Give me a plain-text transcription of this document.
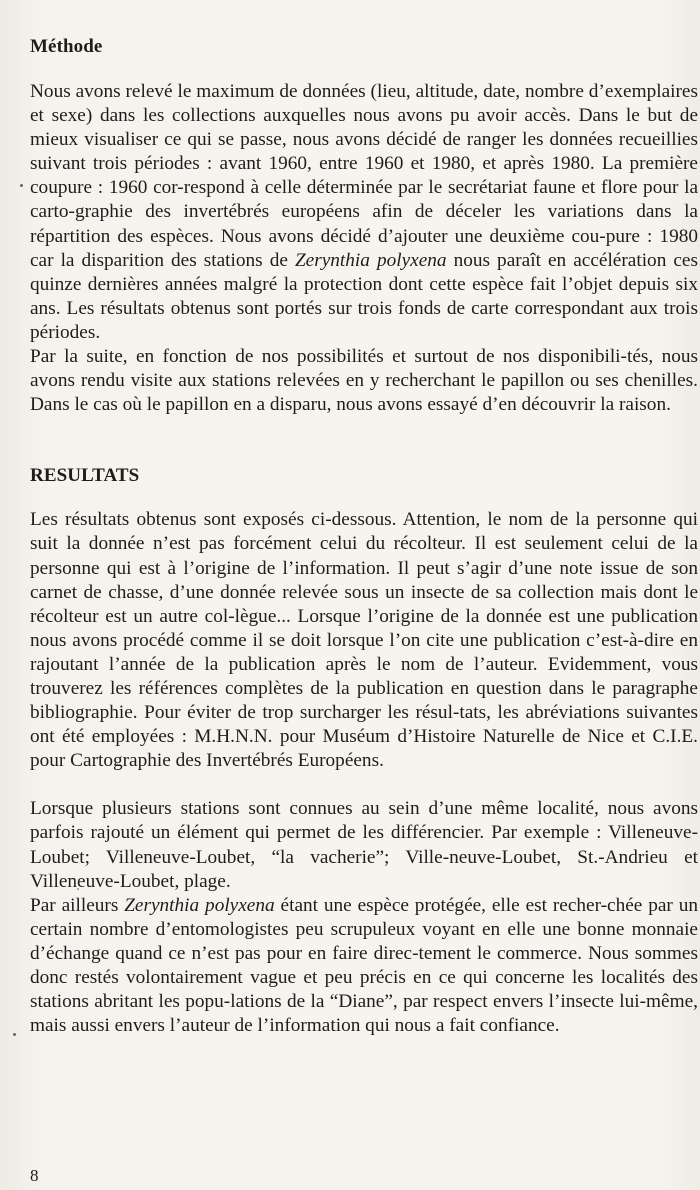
Méthode

Nous avons relevé le maximum de données (lieu, altitude, date, nombre d’exemplaires et sexe) dans les collections auxquelles nous avons pu avoir accès. Dans le but de mieux visualiser ce qui se passe, nous avons décidé de ranger les données recueillies suivant trois périodes : avant 1960, entre 1960 et 1980, et après 1980. La première coupure : 1960 cor-respond à celle déterminée par le secrétariat faune et flore pour la carto-graphie des invertébrés européens afin de déceler les variations dans la répartition des espèces. Nous avons décidé d’ajouter une deuxième cou-pure : 1980 car la disparition des stations de Zerynthia polyxena nous paraît en accélération ces quinze dernières années malgré la protection dont cette espèce fait l’objet depuis six ans. Les résultats obtenus sont portés sur trois fonds de carte correspondant aux trois périodes.

Par la suite, en fonction de nos possibilités et surtout de nos disponibili-tés, nous avons rendu visite aux stations relevées en y recherchant le papillon ou ses chenilles. Dans le cas où le papillon en a disparu, nous avons essayé d’en découvrir la raison.

RESULTATS

Les résultats obtenus sont exposés ci-dessous. Attention, le nom de la personne qui suit la donnée n’est pas forcément celui du récolteur. Il est seulement celui de la personne qui est à l’origine de l’information. Il peut s’agir d’une note issue de son carnet de chasse, d’une donnée relevée sous un insecte de sa collection mais dont le récolteur est un autre col-lègue... Lorsque l’origine de la donnée est une publication nous avons procédé comme il se doit lorsque l’on cite une publication c’est-à-dire en rajoutant l’année de la publication après le nom de l’auteur. Evidemment, vous trouverez les références complètes de la publication en question dans le paragraphe bibliographie. Pour éviter de trop surcharger les résul-tats, les abréviations suivantes ont été employées : M.H.N.N. pour Muséum d’Histoire Naturelle de Nice et C.I.E. pour Cartographie des Invertébrés Européens.

Lorsque plusieurs stations sont connues au sein d’une même localité, nous avons parfois rajouté un élément qui permet de les différencier. Par exemple : Villeneuve-Loubet; Villeneuve-Loubet, “la vacherie”; Ville-neuve-Loubet, St.-Andrieu et Villeneuve-Loubet, plage.

Par ailleurs Zerynthia polyxena étant une espèce protégée, elle est recher-chée par un certain nombre d’entomologistes peu scrupuleux voyant en elle une bonne monnaie d’échange quand ce n’est pas pour en faire direc-tement le commerce. Nous sommes donc restés volontairement vague et peu précis en ce qui concerne les localités des stations abritant les popu-lations de la “Diane”, par respect envers l’insecte lui-même, mais aussi envers l’auteur de l’information qui nous a fait confiance.

8
